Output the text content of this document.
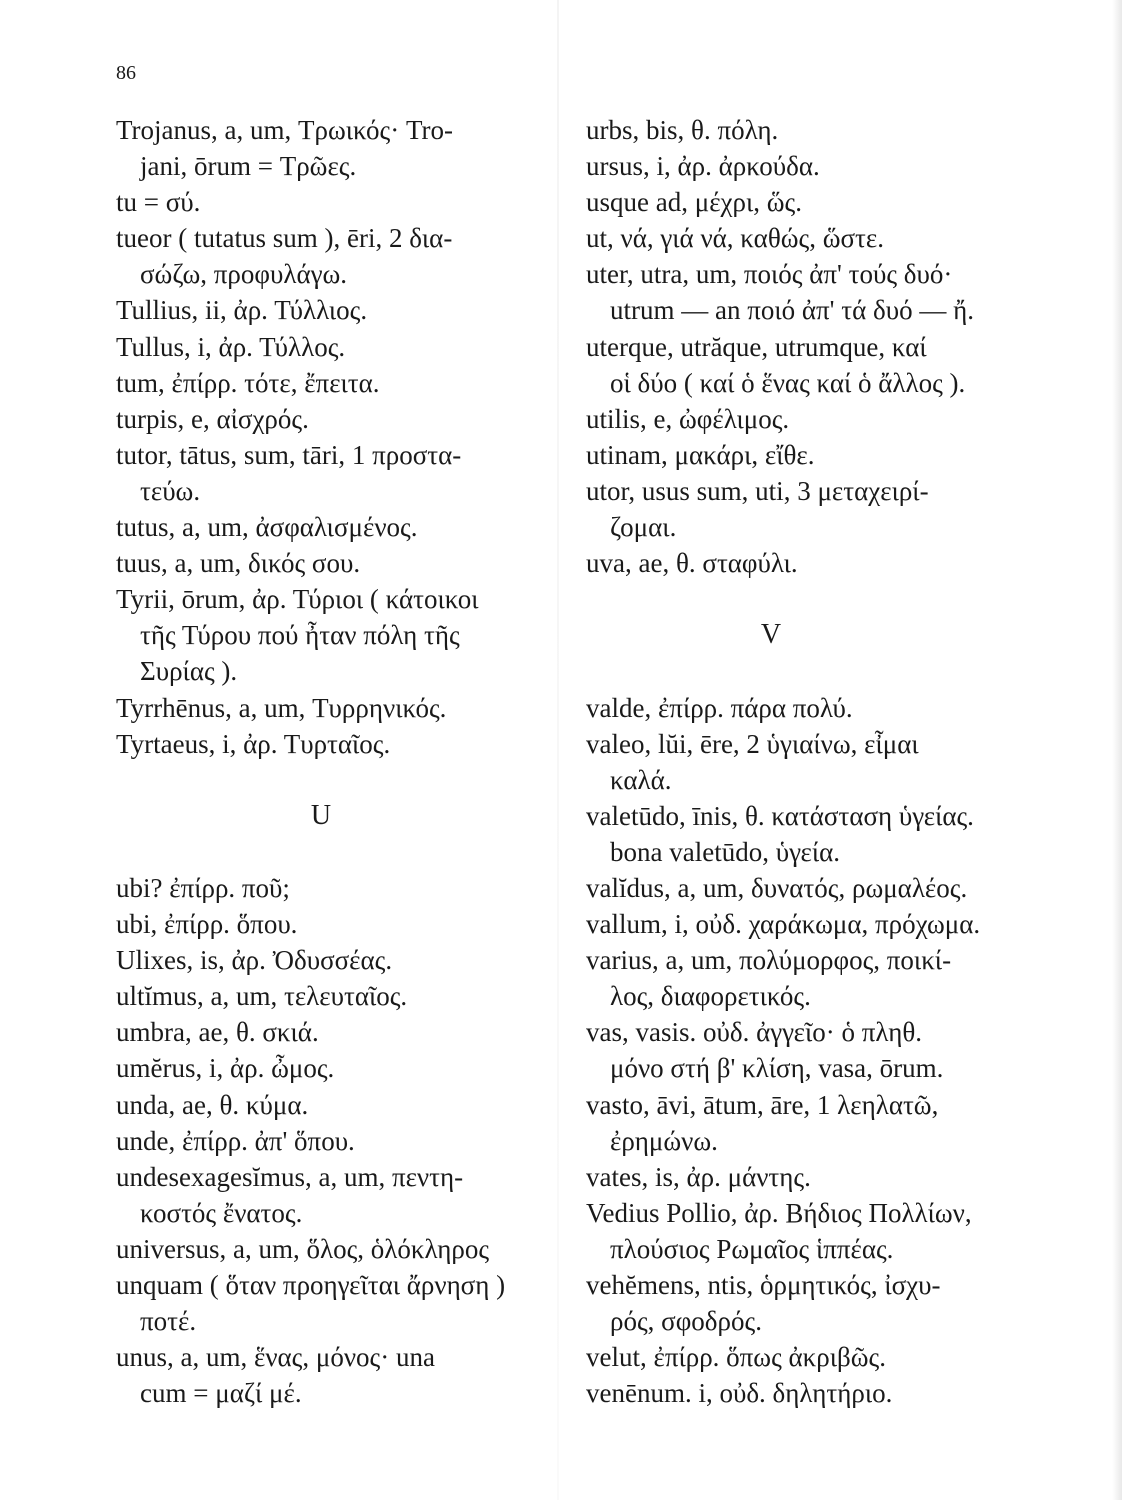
86
Trojanus, a, um, Τρωικός· Tro-
jani, ōrum = Τρῶες.
tu = σύ.
tueor ( tutatus sum ), ēri, 2 δια-
σώζω, προφυλάγω.
Tullius, ii, ἀρ. Τύλλιος.
Tullus, i, ἀρ. Τύλλος.
tum, ἐπίρρ. τότε, ἔπειτα.
turpis, e, αἰσχρός.
tutor, tātus, sum, tāri, 1 προστα-
τεύω.
tutus, a, um, ἀσφαλισμένος.
tuus, a, um, δικός σου.
Tyrii, ōrum, ἀρ. Τύριοι ( κάτοικοι
τῆς Τύρου πού ἦταν πόλη τῆς
Συρίας ).
Tyrrhēnus, a, um, Τυρρηνικός.
Tyrtaeus, i, ἀρ. Τυρταῖος.
U
ubi? ἐπίρρ. ποῦ;
ubi, ἐπίρρ. ὅπου.
Ulixes, is, ἀρ. Ὀδυσσέας.
ultĭmus, a, um, τελευταῖος.
umbra, ae, θ. σκιά.
umĕrus, i, ἀρ. ὦμος.
unda, ae, θ. κύμα.
unde, ἐπίρρ. ἀπ' ὅπου.
undesexagesĭmus, a, um, πεντη-
κοστός ἔνατος.
universus, a, um, ὅλος, ὁλόκληρος
unquam ( ὅταν προηγεῖται ἄρνηση )
ποτέ.
unus, a, um, ἕνας, μόνος· una
cum = μαζί μέ.
urbs, bis, θ. πόλη.
ursus, i, ἀρ. ἀρκούδα.
usque ad, μέχρι, ὥς.
ut, νά, γιά νά, καθώς, ὥστε.
uter, utra, um, ποιός ἀπ' τούς δυό·
utrum — an ποιό ἀπ' τά δυό — ἤ.
uterque, utrăque, utrumque, καί
οἱ δύο ( καί ὁ ἕνας καί ὁ ἄλλος ).
utilis, e, ὠφέλιμος.
utinam, μακάρι, εἴθε.
utor, usus sum, uti, 3 μεταχειρί-
ζομαι.
uva, ae, θ. σταφύλι.
V
valde, ἐπίρρ. πάρα πολύ.
valeo, lŭi, ēre, 2 ὑγιαίνω, εἶμαι
καλά.
valetūdo, īnis, θ. κατάσταση ὑγείας.
bona valetūdo, ὑγεία.
valĭdus, a, um, δυνατός, ρωμαλέος.
vallum, i, οὐδ. χαράκωμα, πρόχωμα.
varius, a, um, πολύμορφος, ποικί-
λος, διαφορετικός.
vas, vasis. οὐδ. ἀγγεῖο· ὁ πληθ.
μόνο στή β' κλίση, vasa, ōrum.
vasto, āvi, ātum, āre, 1 λεηλατῶ,
ἐρημώνω.
vates, is, ἀρ. μάντης.
Vedius Pollio, ἀρ. Βήδιος Πολλίων,
πλούσιος Ρωμαῖος ἱππέας.
vehĕmens, ntis, ὁρμητικός, ἰσχυ-
ρός, σφοδρός.
velut, ἐπίρρ. ὅπως ἀκριβῶς.
venēnum. i, οὐδ. δηλητήριο.
